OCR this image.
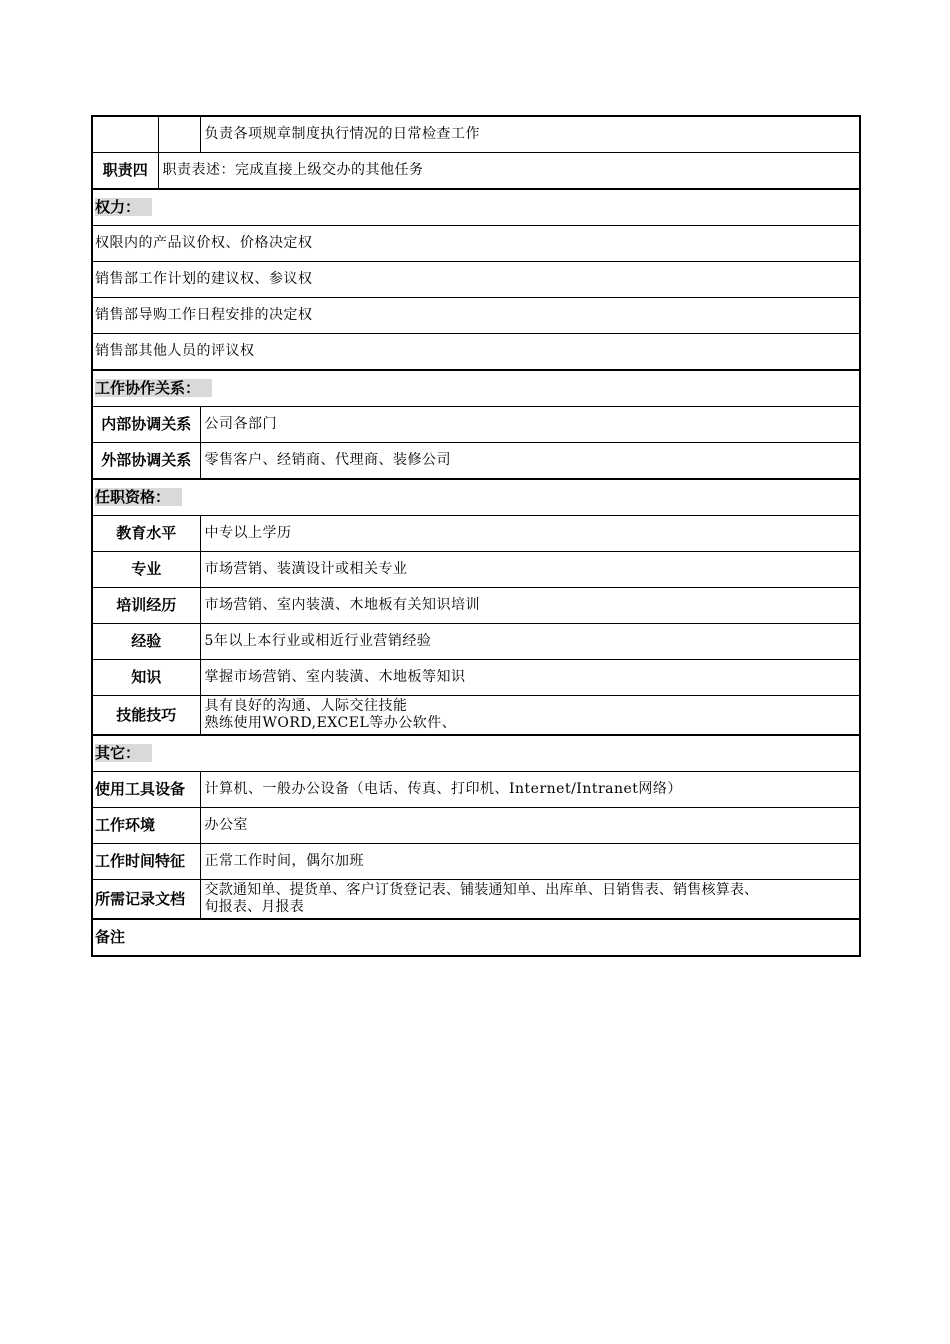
		负责各项规章制度执行情况的日常检查工作
职责四	职责表述：完成直接上级交办的其他任务	
权力：		
权限内的产品议价权、价格决定权		
销售部工作计划的建议权、参议权		
销售部导购工作日程安排的决定权		
销售部其他人员的评议权		
工作协作关系：		
内部协调关系		公司各部门
外部协调关系		零售客户、经销商、代理商、装修公司
任职资格：		
教育水平		中专以上学历
专业		市场营销、装潢设计或相关专业
培训经历		市场营销、室内装潢、木地板有关知识培训
经验		5年以上本行业或相近行业营销经验
知识		掌握市场营销、室内装潢、木地板等知识
技能技巧		具有良好的沟通、人际交往技能
熟练使用WORD,EXCEL等办公软件、

其它：		
使用工具设备		计算机、一般办公设备（电话、传真、打印机、Internet/Intranet网络）
工作环境		办公室
工作时间特征		正常工作时间，偶尔加班
所需记录文档		交款通知单、提货单、客户订货登记表、铺装通知单、出库单、日销售表、销售核算表、
旬报表、月报表

备注		
